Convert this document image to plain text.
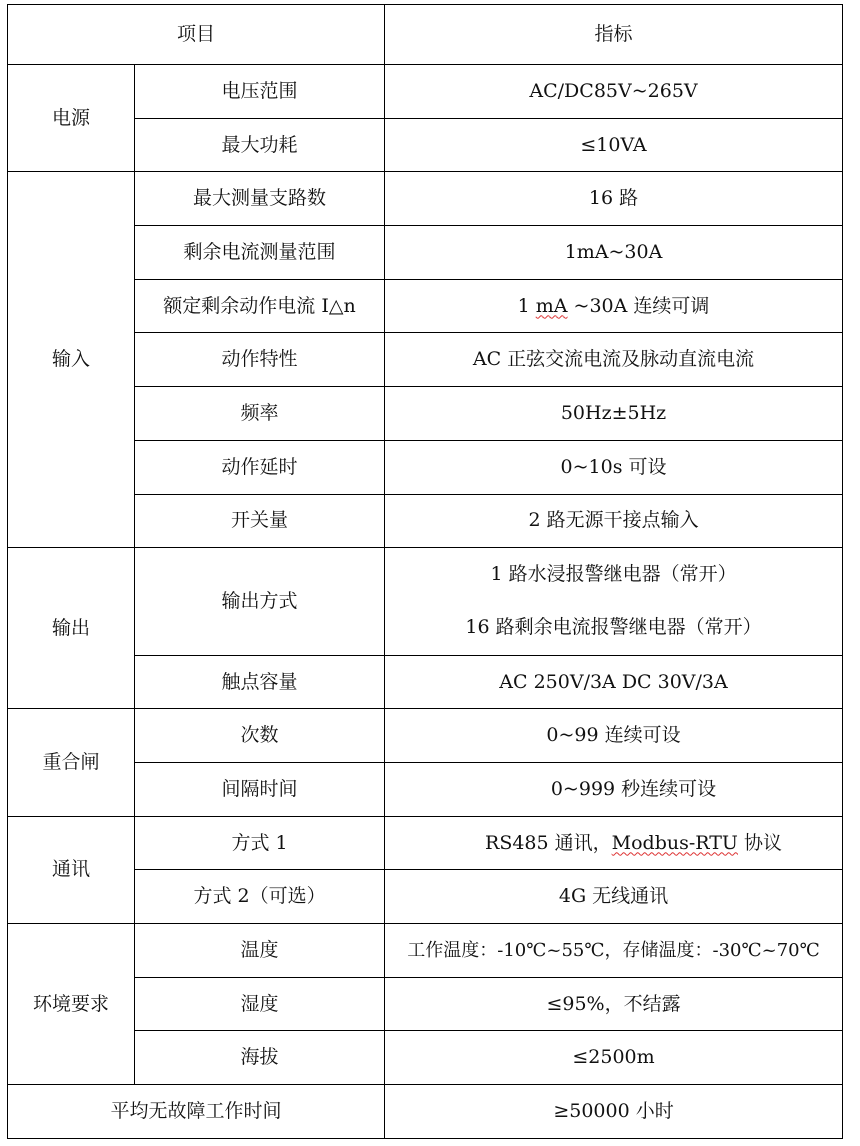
项目		指标
电源	电压范围	AC/DC85V~265V
	最大功耗	≤10VA
输入	最大测量支路数	16 路
	剩余电流测量范围	1mA~30A
	额定剩余动作电流 I△n	1 mA ~30A 连续可调
	动作特性	AC 正弦交流电流及脉动直流电流
	频率	50Hz±5Hz
	动作延时	0~10s 可设
	开关量	2 路无源干接点输入
输出	输出方式	1 路水浸报警继电器（常开）
16 路剩余电流报警继电器（常开）

	触点容量	AC 250V/3A DC 30V/3A
重合闸	次数	0~99 连续可设
	间隔时间	0~999 秒连续可设
通讯	方式 1	RS485 通讯，Modbus-RTU 协议
	方式 2（可选）	4G 无线通讯
环境要求	温度	工作温度：-10℃~55℃，存储温度：-30℃~70℃
	湿度	≤95%，不结露
	海拔	≤2500m
平均无故障工作时间		≥50000 小时
